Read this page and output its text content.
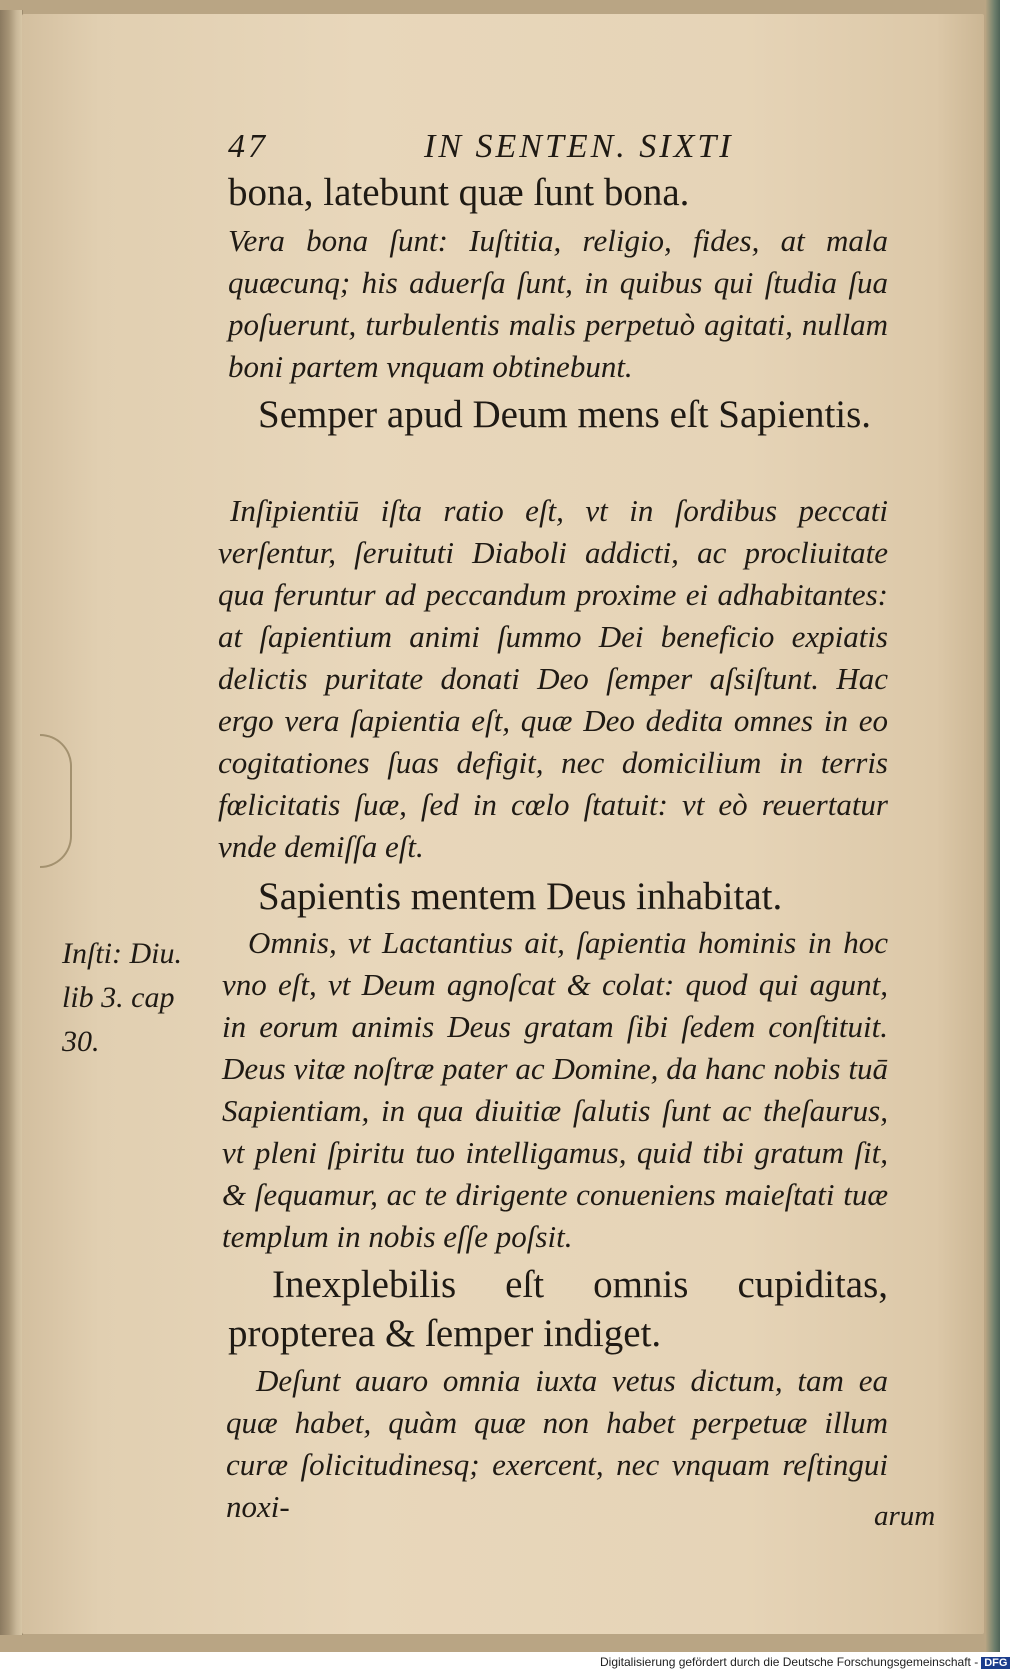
47	IN SENTEN. SIXTI

bona, latebunt quæ ſunt bona.

Vera bona ſunt: Iuſtitia, religio, fides, at mala quæcunq; his aduerſa ſunt, in quibus qui ſtudia ſua poſuerunt, turbulentis malis perpetuò agitati, nullam boni partem vnquam obtinebunt.

Semper apud Deum mens eſt Sapientis.

Inſipientiū iſta ratio eſt, vt in ſordibus peccati verſentur, ſeruituti Diaboli addicti, ac procliuitate qua feruntur ad peccandum proxime ei adhabitantes: at ſapientium animi ſummo Dei beneficio expiatis delictis puritate donati Deo ſemper aſsiſtunt. Hac ergo vera ſapientia eſt, quæ Deo dedita omnes in eo cogitationes ſuas defigit, nec domicilium in terris fœlicitatis ſuæ, ſed in cœlo ſtatuit: vt eò reuertatur vnde demiſſa eſt.

Sapientis mentem Deus inhabitat.

Inſti: Diu. lib 3. cap 30.

Omnis, vt Lactantius ait, ſapientia hominis in hoc vno eſt, vt Deum agnoſcat & colat: quod qui agunt, in eorum animis Deus gratam ſibi ſedem conſtituit. Deus vitæ noſtræ pater ac Domine, da hanc nobis tuā Sapientiam, in qua diuitiæ ſalutis ſunt ac theſaurus, vt pleni ſpiritu tuo intelligamus, quid tibi gratum ſit, & ſequamur, ac te dirigente conueniens maieſtati tuæ templum in nobis eſſe poſsit.

Inexplebilis eſt omnis cupiditas, propterea & ſemper indiget.

Deſunt auaro omnia iuxta vetus dictum, tam ea quæ habet, quàm quæ non habet perpetuæ illum curæ ſolicitudinesq; exercent, nec vnquam reſtingui noxi-	arum
Digitalisierung gefördert durch die Deutsche Forschungsgemeinschaft - DFG
